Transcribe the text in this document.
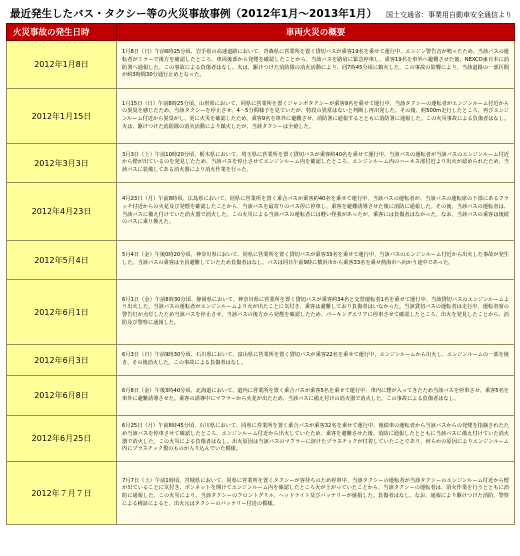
最近発生したバス・タクシー等の火災事故事例（2012年1月～2013年1月） 国土交通省：事業用自動車安全通信より
火災事故の発生日時	車両火災の概要
2012年1月8日	1月8日（日）午前6時25分頃、岩手県の高速道路において、青森県に営業所を置く貸切バスが乗客19名を乗せて運行中、エンジン警告音が鳴ったため、当該バスの運転者がミラーで後方を確認したところ、車両後部から発煙を確認したことから、当該バスを路肩に緊急停車し、乗客19名を車外へ避難させた後、NEXCO東日本に消防署へ通報した。この事故による負傷者はなし。火は、駆けつけた消防隊の消火活動により、同7時45分頃に鎮火した。この事故の影響により、当該道路の一部区間が約3時間30分通行止めとなった。
2012年1月15日	1月15日（日）午前8時25分頃、山形県において、同県に営業所を置くジャンボタクシーが乗客9名を乗せて運行中、当該タクシーの運転者がエンジンルーム付近からの異臭を感じたため、当該タクシーを停止させ、4～5分間様子を見ていたが、特段の異常はないと判断し再出発した。その後、約500m走行したところ、再びエンジンルーム付近から異臭がし、更に火災を確認したため、乗客9名を車外に避難させ、消防署に通報するとともに消防署に通報した。この火災事故による負傷者はなし。火は、駆けつけた消防隊の消火活動により鎮火したが、当該タクシーは全焼した。
2012年3月3日	3月3日（土）午前10時20分頃、栃木県において、埼玉県に営業所を置く貸切バスが乗客約40名を乗せて運行中、当該バスの運転者が当該バスのエンジンルーム付近から煙が出ているのを発見したため、当該バスを停止させてエンジンルーム内を確認したところ、エンジンルーム内のハーネス部付近より出火が認められたため、当該バスに装備してある消火器により消火作業を行った。
2012年4月23日	4月23日（月）午前8時頃、広島県において、同県に営業所を置く乗合バスが乗客約40名を乗せて運行中、当該バスの運転者が、当該バスの運転席の下部にあるクラッチ付近からの火花及び発煙を確認したことから、当該バスを最寄りのバス停に停車し、乗客を避難誘導させた後に消防に通報した。その後、当該バスの運転者は、当該バスに備え付けていた消火器で消火した。この火災による当該バスの運転者には軽い怪我があったが、乗客には負傷者はなかった。なお、当該バスの乗客は後続のバスに乗り換えた。
2012年5月4日	5月4日（金）午後0時20分頃、神奈川県において、同県に営業所を置く貸切バスが乗客33名を乗せて運行中、当該バスのエンジンルーム付近から出火した事故が発生した。当該バスの乗客は全員避難していたため負傷者はなし。バスは同日午前9時に横浜市から乗客33名を乗せ熱海市へ向かう途中であった。
2012年6月1日	6月1日（金）午前8時30分頃、静岡県において、神奈川県に営業所を置く貸切バスが乗客約34名と交替運転者1名を乗せて運行中、当該貸切バスのエンジンルームより出火した。当該バスの運転者がエンジンルームより火が出たことに気付き、乗客は避難しており負傷者はいなかった。当該貸切バスの運転者は走行中、運転者席の警告灯が点灯したため当該バスを停止させ、当該バスの後方から発煙を確認したため、パーキングエリアに停車させて確認したところ、出火を発見したことから、消防及び警察に通報した。
2012年6月3日	6月3日（日）午前9時30分頃、石川県において、富山県に営業所を置く貸切バスが乗客22名を乗せて運行中、エンジンルームから出火し、エンジンルームの一部を焼き、その後消火した。この事故による負傷者はなし。
2012年6月8日	6月8日（金）午後3時40分頃、北海道において、道内に営業所を置く乗合バスが乗客5名を乗せて運行中、車内に煙が入ってきたため当該バスを停車させ、乗客5名を車外に避難誘導させた。乗客の誘導中にマフラーから火花が出たため、当該バスに備え付けの消火器で消火した。この事故による負傷者はなし。
2012年6月25日	6月25日（月）午前8時45分頃、石川県において、同県に営業所を置く乗合バスが乗客32名を乗せて運行中、後続車の運転者から当該バスからの発煙を指摘されたため当該バスを停車させて確認したところ、エンジンルーム付近から出火していたため、乗客を避難させた後、消防に通報したとともに当該バスに備え付けていた消火器で消火した。この火災による負傷者はなし。出火原因は当該バスのマフラーに溶けたプラスチックが付着していたことであり、何らかの原因によりエンジンルーム内にプラスチック製のものが入り込んでいた模様。
2012年７月７日	7月7日（土）午前1時頃、宮城県において、同県に営業所を置くタクシーが客待ちのため停車中、当該タクシーの運転者が当該タクシーのエンジンルーム付近から煙が出ていることに気付き、ボンネットを開けてエンジンルーム内を確認したところ火が上がっていたことから、当該タクシーの運転者は、消火作業を行うとともに消防に通報した。この火災により、当該タクシーのフロントグリル、ヘッドライト及びバッテリーが焼損した。負傷者はなし。なお、通報により駆けつけた消防、警察による検証によると、出火元はタクシーのバッテリー付近の模様。
